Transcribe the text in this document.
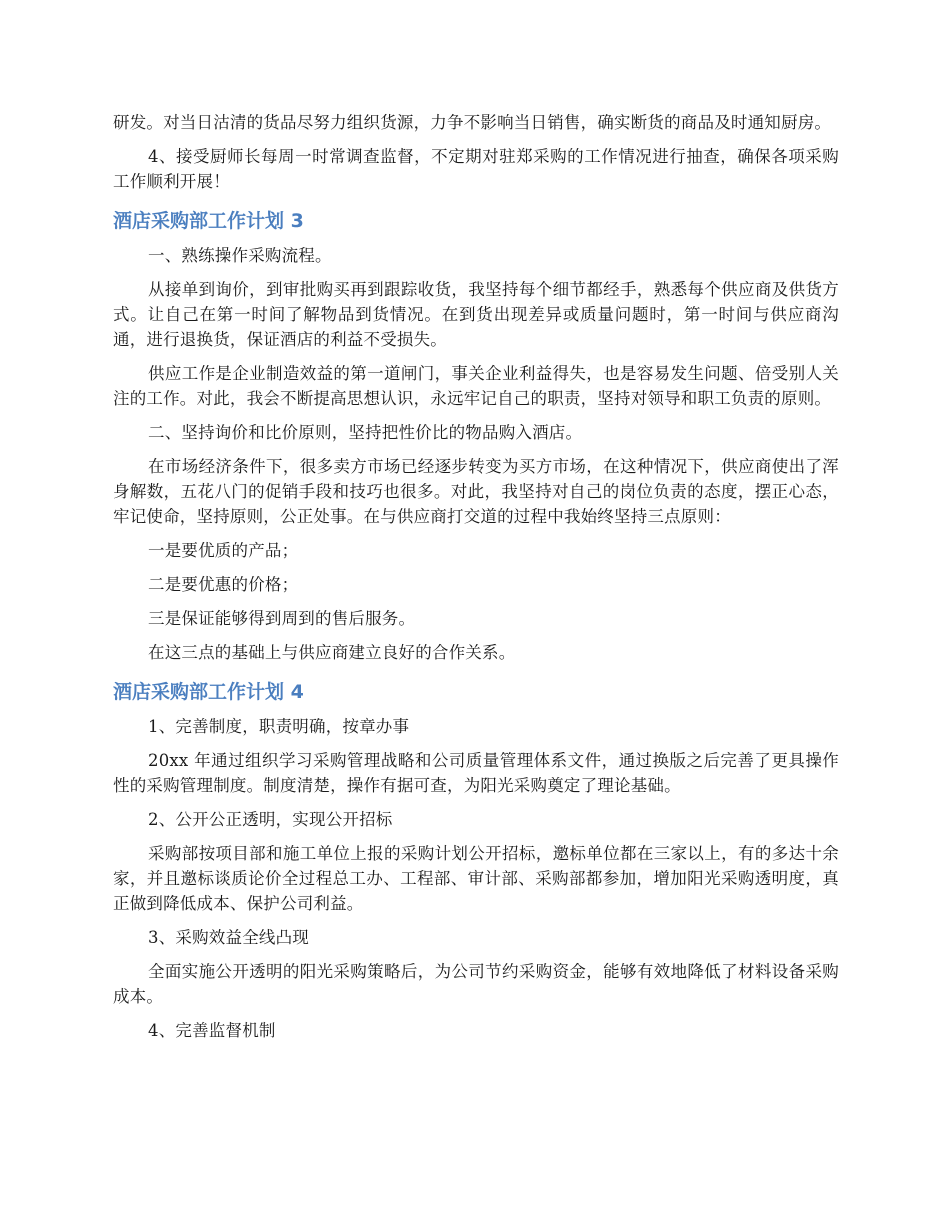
研发。对当日沽清的货品尽努力组织货源，力争不影响当日销售，确实断货的商品及时通知厨房。

4、接受厨师长每周一时常调查监督，不定期对驻郑采购的工作情况进行抽查，确保各项采购工作顺利开展！

酒店采购部工作计划 3

一、熟练操作采购流程。

从接单到询价，到审批购买再到跟踪收货，我坚持每个细节都经手，熟悉每个供应商及供货方式。让自己在第一时间了解物品到货情况。在到货出现差异或质量问题时，第一时间与供应商沟通，进行退换货，保证酒店的利益不受损失。

供应工作是企业制造效益的第一道闸门，事关企业利益得失，也是容易发生问题、倍受别人关注的工作。对此，我会不断提高思想认识，永远牢记自己的职责，坚持对领导和职工负责的原则。

二、坚持询价和比价原则，坚持把性价比的物品购入酒店。

在市场经济条件下，很多卖方市场已经逐步转变为买方市场，在这种情况下，供应商使出了浑身解数，五花八门的促销手段和技巧也很多。对此，我坚持对自己的岗位负责的态度，摆正心态，牢记使命，坚持原则，公正处事。在与供应商打交道的过程中我始终坚持三点原则：

一是要优质的产品；

二是要优惠的价格；

三是保证能够得到周到的售后服务。

在这三点的基础上与供应商建立良好的合作关系。

酒店采购部工作计划 4

1、完善制度，职责明确，按章办事

20xx 年通过组织学习采购管理战略和公司质量管理体系文件，通过换版之后完善了更具操作性的采购管理制度。制度清楚，操作有据可查，为阳光采购奠定了理论基础。

2、公开公正透明，实现公开招标

采购部按项目部和施工单位上报的采购计划公开招标，邀标单位都在三家以上，有的多达十余家，并且邀标谈质论价全过程总工办、工程部、审计部、采购部都参加，增加阳光采购透明度，真正做到降低成本、保护公司利益。

3、采购效益全线凸现

全面实施公开透明的阳光采购策略后，为公司节约采购资金，能够有效地降低了材料设备采购成本。

4、完善监督机制
